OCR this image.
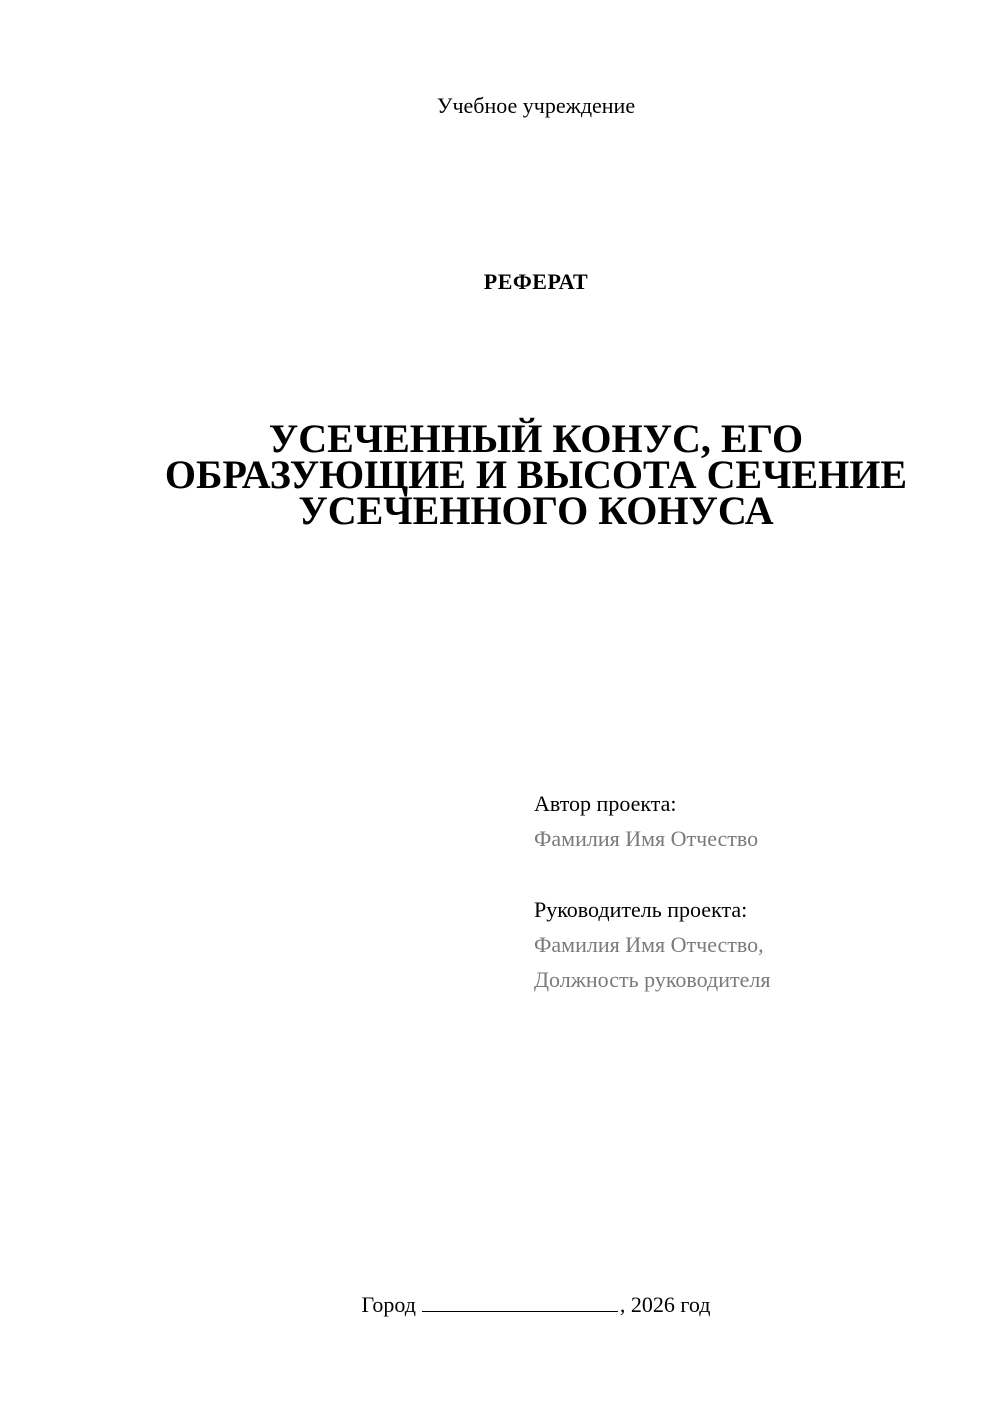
Учебное учреждение
РЕФЕРАТ
УСЕЧЕННЫЙ КОНУС, ЕГО
ОБРАЗУЮЩИЕ И ВЫСОТА СЕЧЕНИЕ
УСЕЧЕННОГО КОНУСА
Автор проекта:
Фамилия Имя Отчество
Руководитель проекта:
Фамилия Имя Отчество,
Должность руководителя
Город	, 2026 год
